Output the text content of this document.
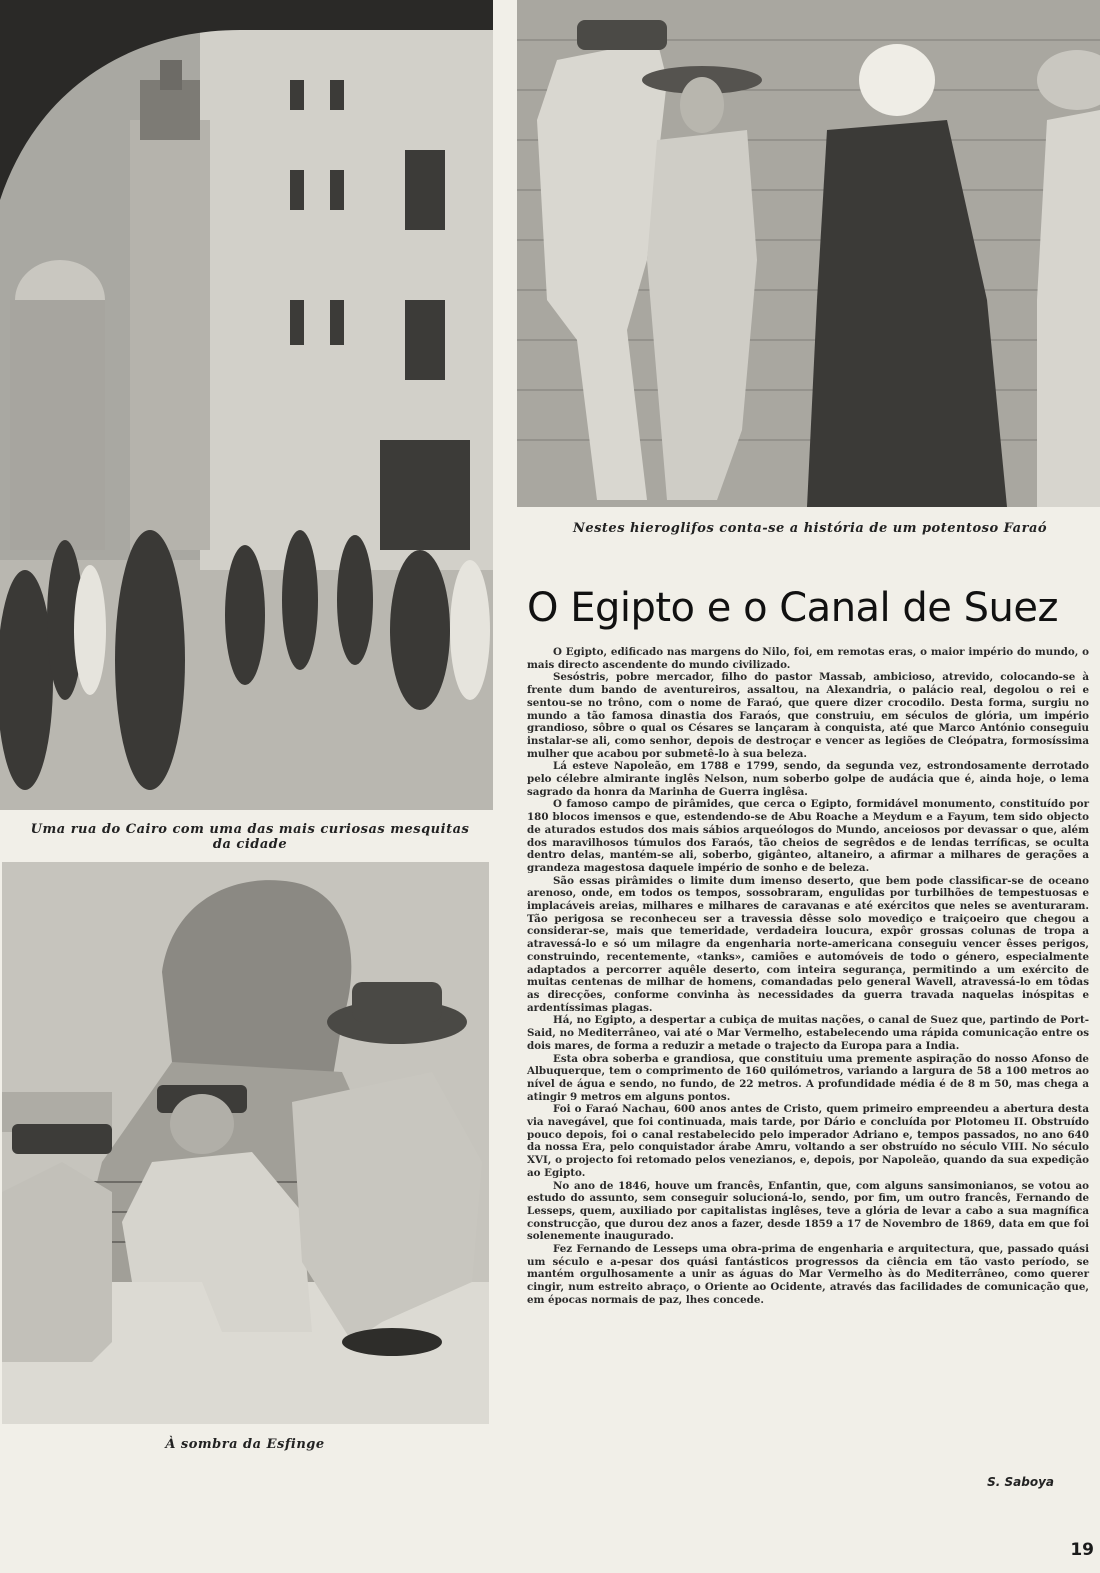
Uma rua do Cairo com uma das mais curiosas mesquitas da cidade
Nestes hieroglifos conta-se a história de um potentoso Faraó
O Egipto e o Canal de Suez
À sombra da Esfinge

O Egipto, edificado nas margens do Nilo, foi, em remotas eras, o maior império do mundo, o mais directo ascendente do mundo civilizado.

Sesóstris, pobre mercador, filho do pastor Massab, ambicioso, atrevido, colocando-se à frente dum bando de aventureiros, assaltou, na Alexandria, o palácio real, degolou o rei e sentou-se no trôno, com o nome de Faraó, que quere dizer crocodilo. Desta forma, surgiu no mundo a tão famosa dinastia dos Faraós, que construiu, em séculos de glória, um império grandioso, sôbre o qual os Césares se lançaram à conquista, até que Marco António conseguiu instalar-se ali, como senhor, depois de destroçar e vencer as legiões de Cleópatra, formosíssima mulher que acabou por submetê-lo à sua beleza.

Lá esteve Napoleão, em 1788 e 1799, sendo, da segunda vez, estrondosamente derrotado pelo célebre almirante inglês Nelson, num soberbo golpe de audácia que é, ainda hoje, o lema sagrado da honra da Marinha de Guerra inglêsa.

O famoso campo de pirâmides, que cerca o Egipto, formidável monumento, constituído por 180 blocos imensos e que, estendendo-se de Abu Roache a Meydum e a Fayum, tem sido objecto de aturados estudos dos mais sábios arqueólogos do Mundo, anceiosos por devassar o que, além dos maravilhosos túmulos dos Faraós, tão cheios de segrêdos e de lendas terríficas, se oculta dentro delas, mantém-se ali, soberbo, gigânteo, altaneiro, a afirmar a milhares de gerações a grandeza magestosa daquele império de sonho e de beleza.

São essas pirâmides o limite dum imenso deserto, que bem pode classificar-se de oceano arenoso, onde, em todos os tempos, sossobraram, engulidas por turbilhões de tempestuosas e implacáveis areias, milhares e milhares de caravanas e até exércitos que neles se aventuraram. Tão perigosa se reconheceu ser a travessia dêsse solo movediço e traiçoeiro que chegou a considerar-se, mais que temeridade, verdadeira loucura, expôr grossas colunas de tropa a atravessá-lo e só um milagre da engenharia norte-americana conseguiu vencer êsses perigos, construindo, recentemente, «tanks», camiões e automóveis de todo o género, especialmente adaptados a percorrer aquêle deserto, com inteira segurança, permitindo a um exército de muitas centenas de milhar de homens, comandadas pelo general Wavell, atravessá-lo em tôdas as direcções, conforme convinha às necessidades da guerra travada naquelas inóspitas e ardentíssimas plagas.

Há, no Egipto, a despertar a cubiça de muitas nações, o canal de Suez que, partindo de Port-Said, no Mediterrâneo, vai até o Mar Vermelho, estabelecendo uma rápida comunicação entre os dois mares, de forma a reduzir a metade o trajecto da Europa para a India.

Esta obra soberba e grandiosa, que constituiu uma premente aspiração do nosso Afonso de Albuquerque, tem o comprimento de 160 quilómetros, variando a largura de 58 a 100 metros ao nível de água e sendo, no fundo, de 22 metros. A profundidade média é de 8 m 50, mas chega a atingir 9 metros em alguns pontos.

Foi o Faraó Nachau, 600 anos antes de Cristo, quem primeiro empreendeu a abertura desta via navegável, que foi continuada, mais tarde, por Dário e concluída por Plotomeu II. Obstruído pouco depois, foi o canal restabelecido pelo imperador Adriano e, tempos passados, no ano 640 da nossa Era, pelo conquistador árabe Amru, voltando a ser obstruído no século VIII. No século XVI, o projecto foi retomado pelos venezianos, e, depois, por Napoleão, quando da sua expedição ao Egipto.

No ano de 1846, houve um francês, Enfantin, que, com alguns sansimonianos, se votou ao estudo do assunto, sem conseguir solucioná-lo, sendo, por fim, um outro francês, Fernando de Lesseps, quem, auxiliado por capitalistas inglêses, teve a glória de levar a cabo a sua magnífica construcção, que durou dez anos a fazer, desde 1859 a 17 de Novembro de 1869, data em que foi solenemente inaugurado.

Fez Fernando de Lesseps uma obra-prima de engenharia e arquitectura, que, passado quási um século e a-pesar dos quási fantásticos progressos da ciência em tão vasto período, se mantém orgulhosamente a unir as águas do Mar Vermelho às do Mediterrâneo, como querer cingir, num estreito abraço, o Oriente ao Ocidente, através das facilidades de comunicação que, em épocas normais de paz, lhes concede.

S. Saboya
19
